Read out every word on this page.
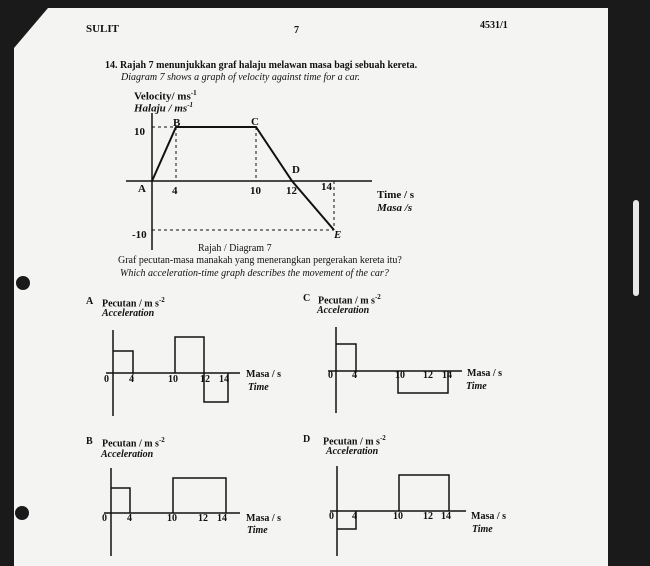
SULIT	7	4531/1
14. Rajah 7 menunjukkan graf halaju melawan masa bagi sebuah kereta.
Diagram 7 shows a graph of velocity against time for a car.
Velocity/ $ms^{-1}$
Halaju / $ms^{-1}$
10
-10
A
B	C
D
E
4	10 12 14
Time / s
Masa /s
Rajah / Diagram 7
Graf pecutan-masa manakah yang menerangkan pergerakan kereta itu?
Which acceleration-time graph describes the movement of the car?
A Pecutan / m $s^{-2}$
Acceleration
0 4	10 12 14 Masa / s
Time
C Pecutan / m $s^{-2}$
Acceleration
0 4	10 12 14 Masa / s
Time
B Pecutan / m $s^{-2}$
Acceleration
0 4	10 12 14 Masa / s
Time
D Pecutan / m $s^{-2}$
Acceleration
0 4	10 12 14 Masa / s
Time
